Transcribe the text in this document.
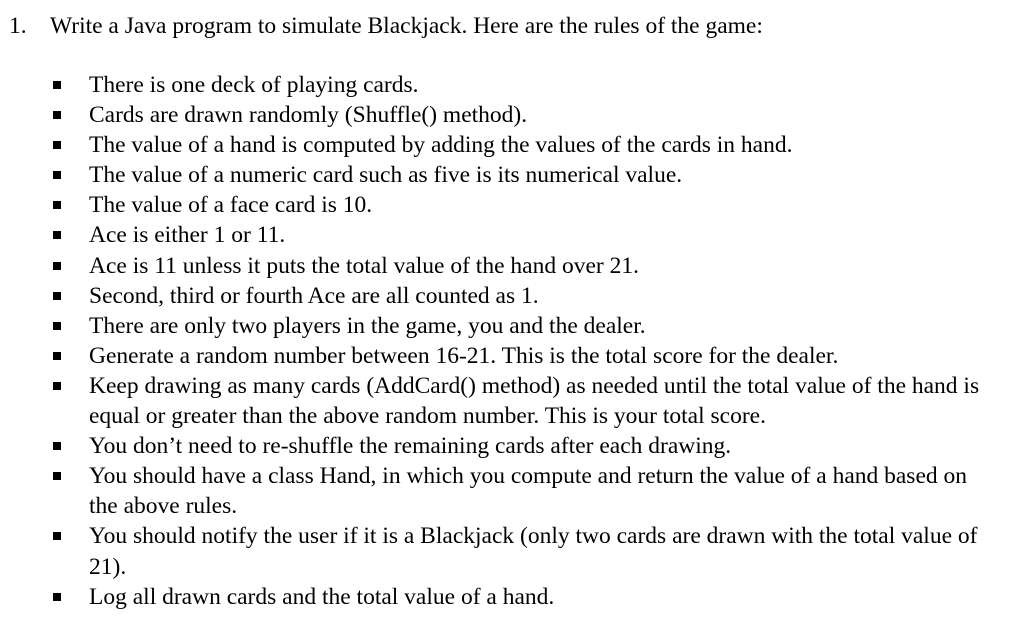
1. Write a Java program to simulate Blackjack. Here are the rules of the game:
There is one deck of playing cards.
Cards are drawn randomly (Shuffle() method).
The value of a hand is computed by adding the values of the cards in hand.
The value of a numeric card such as five is its numerical value.
The value of a face card is 10.
Ace is either 1 or 11.
Ace is 11 unless it puts the total value of the hand over 21.
Second, third or fourth Ace are all counted as 1.
There are only two players in the game, you and the dealer.
Generate a random number between 16-21. This is the total score for the dealer.
Keep drawing as many cards (AddCard() method) as needed until the total value of the hand is equal or greater than the above random number. This is your total score.
You don’t need to re-shuffle the remaining cards after each drawing.
You should have a class Hand, in which you compute and return the value of a hand based on the above rules.
You should notify the user if it is a Blackjack (only two cards are drawn with the total value of 21).
Log all drawn cards and the total value of a hand.
